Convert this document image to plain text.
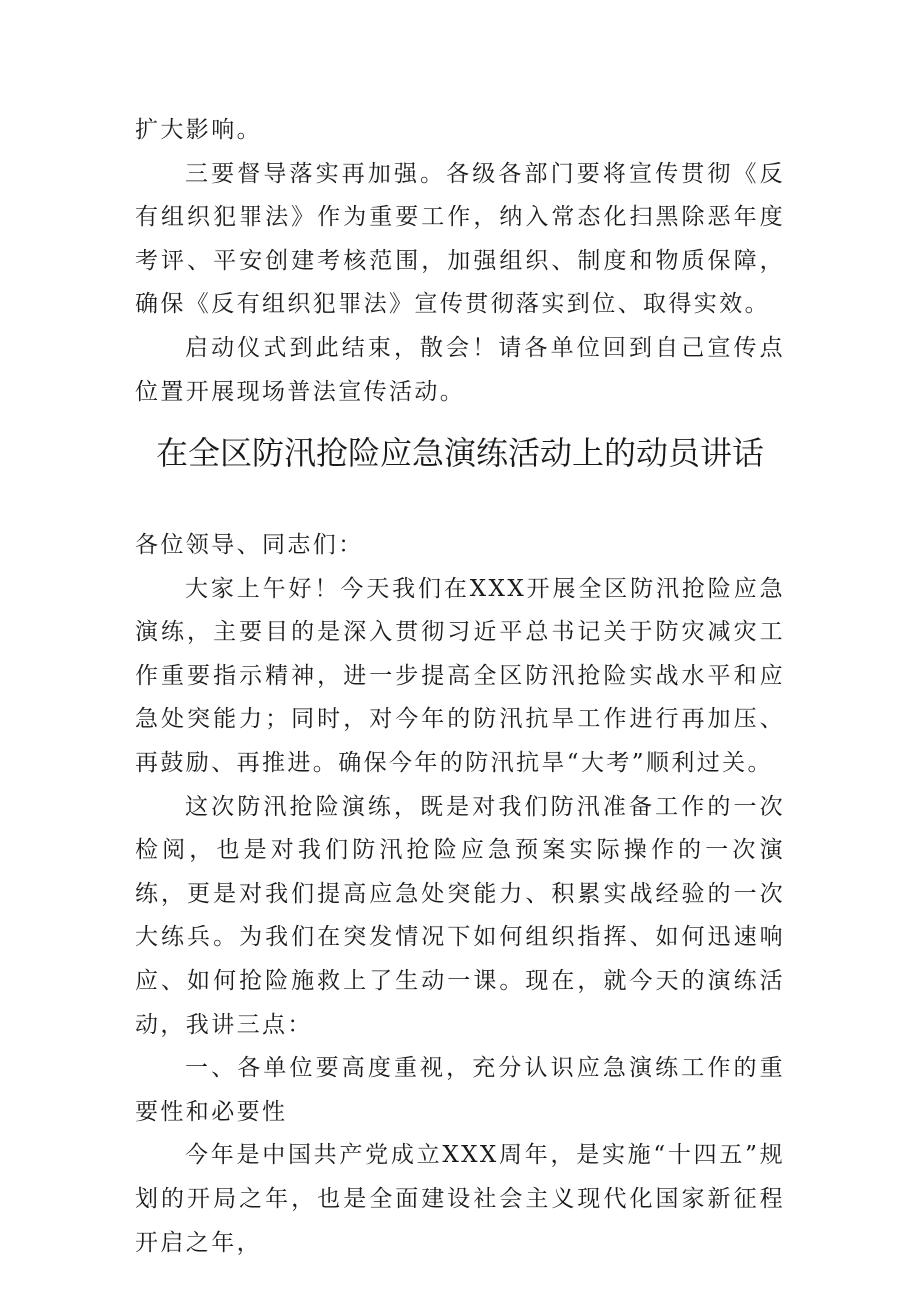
扩大影响。

三要督导落实再加强。各级各部门要将宣传贯彻《反有组织犯罪法》作为重要工作，纳入常态化扫黑除恶年度考评、平安创建考核范围，加强组织、制度和物质保障，确保《反有组织犯罪法》宣传贯彻落实到位、取得实效。

启动仪式到此结束，散会！请各单位回到自己宣传点位置开展现场普法宣传活动。

在全区防汛抢险应急演练活动上的动员讲话

各位领导、同志们：

大家上午好！今天我们在XXX开展全区防汛抢险应急演练，主要目的是深入贯彻习近平总书记关于防灾减灾工作重要指示精神，进一步提高全区防汛抢险实战水平和应急处突能力；同时，对今年的防汛抗旱工作进行再加压、再鼓励、再推进。确保今年的防汛抗旱“大考”顺利过关。

这次防汛抢险演练，既是对我们防汛准备工作的一次检阅，也是对我们防汛抢险应急预案实际操作的一次演练，更是对我们提高应急处突能力、积累实战经验的一次大练兵。为我们在突发情况下如何组织指挥、如何迅速响应、如何抢险施救上了生动一课。现在，就今天的演练活动，我讲三点：

一、各单位要高度重视，充分认识应急演练工作的重要性和必要性

今年是中国共产党成立XXX周年，是实施“十四五”规划的开局之年，也是全面建设社会主义现代化国家新征程开启之年，
